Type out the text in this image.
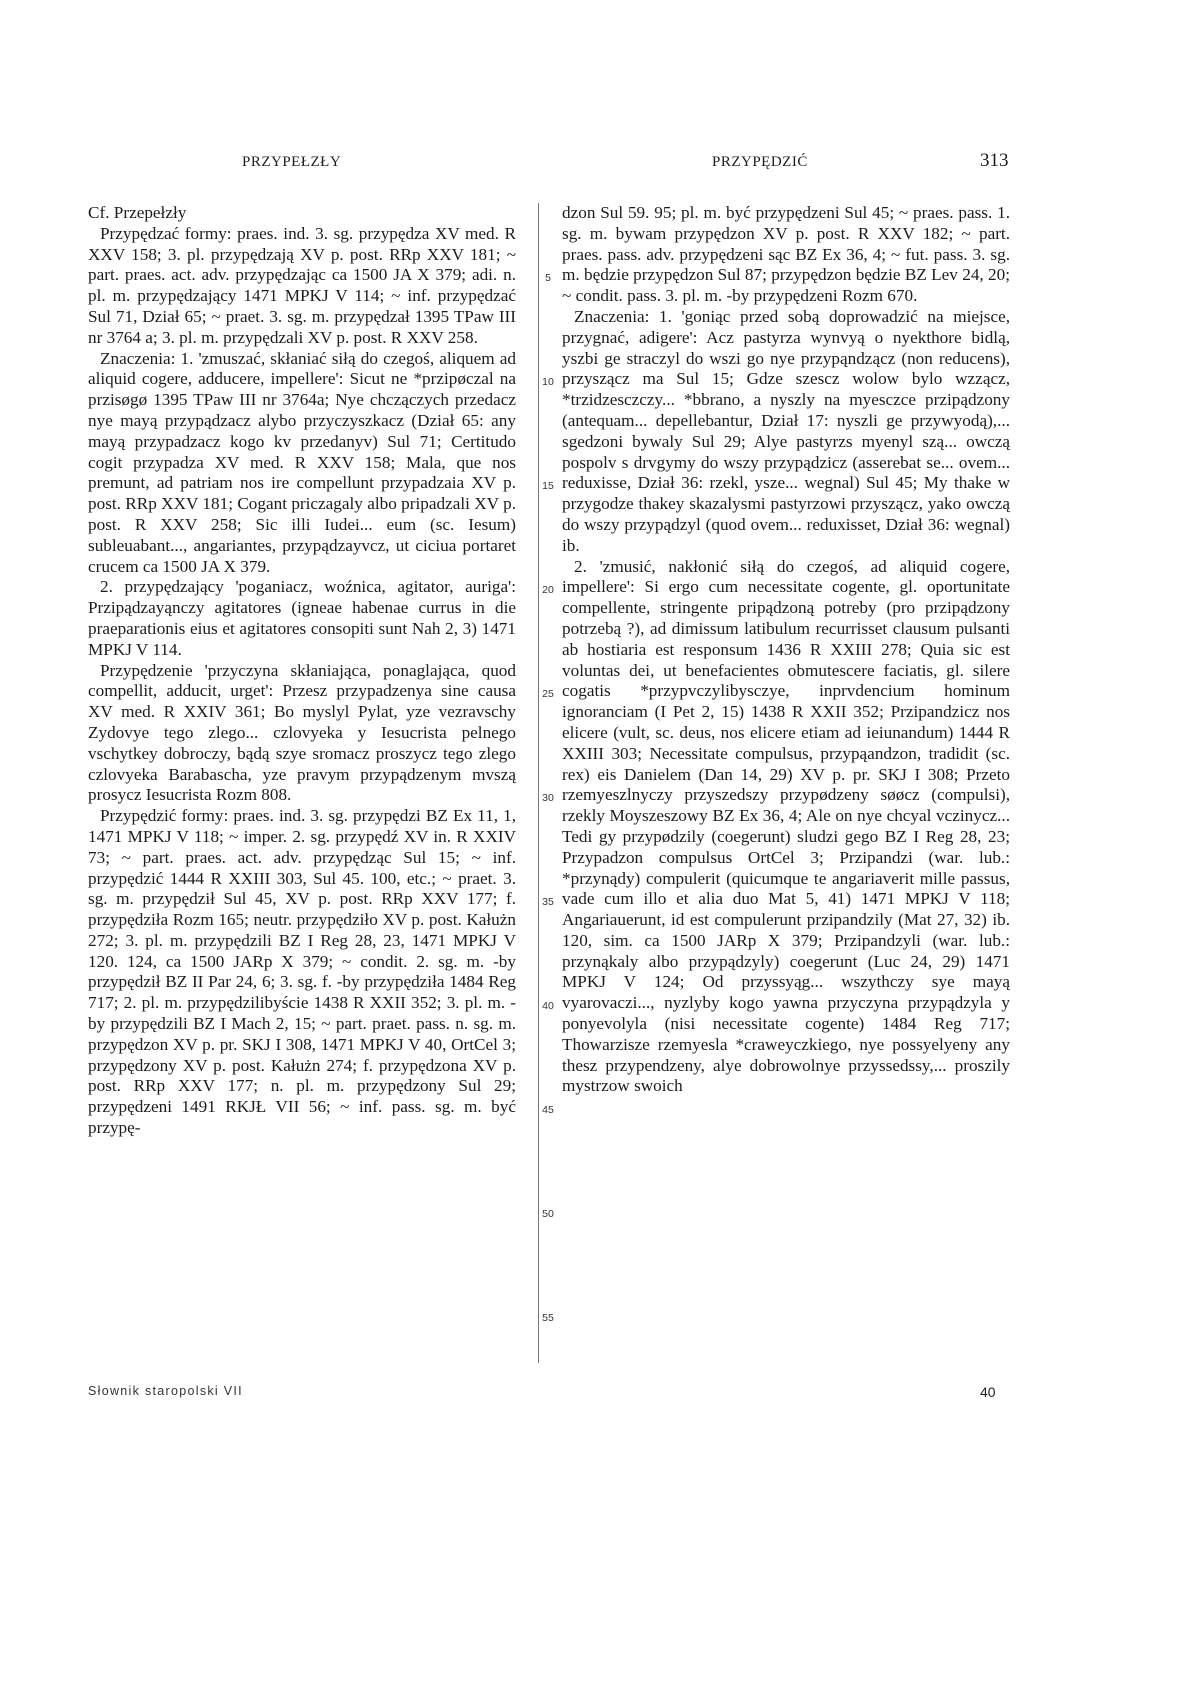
PRZYPEŁZŁY	PRZYPĘDZIĆ	313

Cf. Przepełzły

Przypędzać formy: praes. ind. 3. sg. przypędza XV med. R XXV 158; 3. pl. przypędzają XV p. post. RRp XXV 181; ~ part. praes. act. adv. przypędzając ca 1500 JA X 379; adi. n. pl. m. przypędzający 1471 MPKJ V 114; ~ inf. przypędzać Sul 71, Dział 65; ~ praet. 3. sg. m. przypędzał 1395 TPaw III nr 3764 a; 3. pl. m. przypędzali XV p. post. R XXV 258.

Znaczenia: 1. 'zmuszać, skłaniać siłą do czegoś, aliquem ad aliquid cogere, adducere, impellere': Sicut ne *przipøczal na przisøgø 1395 TPaw III nr 3764a; Nye chczączych przedacz nye mayą przypądzacz alybo przyczyszkacz (Dział 65: any mayą przypadzacz kogo kv przedanyv) Sul 71; Certitudo cogit przypadza XV med. R XXV 158; Mala, que nos premunt, ad patriam nos ire compellunt przypadzaia XV p. post. RRp XXV 181; Cogant priczagaly albo pripadzali XV p. post. R XXV 258; Sic illi Iudei... eum (sc. Iesum) subleuabant..., angariantes, przypądzayvcz, ut ciciua portaret crucem ca 1500 JA X 379.

2. przypędzający 'poganiacz, woźnica, agitator, auriga': Przipądzayąnczy agitatores (igneae habenae currus in die praeparationis eius et agitatores consopiti sunt Nah 2, 3) 1471 MPKJ V 114.

Przypędzenie 'przyczyna skłaniająca, ponaglająca, quod compellit, adducit, urget': Przesz przypadzenya sine causa XV med. R XXIV 361; Bo myslyl Pylat, yze vezravschy Zydovye tego zlego... czlovyeka y Iesucrista pelnego vschytkey dobroczy, bądą szye sromacz proszycz tego zlego czlovyeka Barabascha, yze pravym przypądzenym mvszą prosycz Iesucrista Rozm 808.

Przypędzić formy: praes. ind. 3. sg. przypędzi BZ Ex 11, 1, 1471 MPKJ V 118; ~ imper. 2. sg. przypędź XV in. R XXIV 73; ~ part. praes. act. adv. przypędząc Sul 15; ~ inf. przypędzić 1444 R XXIII 303, Sul 45. 100, etc.; ~ praet. 3. sg. m. przypędził Sul 45, XV p. post. RRp XXV 177; f. przypędziła Rozm 165; neutr. przypędziło XV p. post. Kałużn 272; 3. pl. m. przypędzili BZ I Reg 28, 23, 1471 MPKJ V 120. 124, ca 1500 JARp X 379; ~ condit. 2. sg. m. -by przypędził BZ II Par 24, 6; 3. sg. f. -by przypędziła 1484 Reg 717; 2. pl. m. przypędzilibyście 1438 R XXII 352; 3. pl. m. -by przypędzili BZ I Mach 2, 15; ~ part. praet. pass. n. sg. m. przypędzon XV p. pr. SKJ I 308, 1471 MPKJ V 40, OrtCel 3; przypędzony XV p. post. Kałużn 274; f. przypędzona XV p. post. RRp XXV 177; n. pl. m. przypędzony Sul 29; przypędzeni 1491 RKJŁ VII 56; ~ inf. pass. sg. m. być przypę-

5
10
15
20
25
30
35
40
45
50
55

dzon Sul 59. 95; pl. m. być przypędzeni Sul 45; ~ praes. pass. 1. sg. m. bywam przypędzon XV p. post. R XXV 182; ~ part. praes. pass. adv. przypędzeni sąc BZ Ex 36, 4; ~ fut. pass. 3. sg. m. będzie przypędzon Sul 87; przypędzon będzie BZ Lev 24, 20; ~ condit. pass. 3. pl. m. -by przypędzeni Rozm 670.

Znaczenia: 1. 'goniąc przed sobą doprowadzić na miejsce, przygnać, adigere': Acz pastyrza wynvyą o nyekthore bidlą, yszbi ge straczyl do wszi go nye przypąndzącz (non reducens), przyszącz ma Sul 15; Gdze szescz wolow bylo wzzącz, *trzidzesczczy... *bbrano, a nyszly na myesczce przipądzony (antequam... depellebantur, Dział 17: nyszli ge przywyodą),... sgedzoni bywaly Sul 29; Alye pastyrzs myenyl szą... owczą pospolv s drvgymy do wszy przypądzicz (asserebat se... ovem... reduxisse, Dział 36: rzekl, ysze... wegnal) Sul 45; My thake w przygodze thakey skazalysmi pastyrzowi przyszącz, yako owczą do wszy przypądzyl (quod ovem... reduxisset, Dział 36: wegnal) ib.

2. 'zmusić, nakłonić siłą do czegoś, ad aliquid cogere, impellere': Si ergo cum necessitate cogente, gl. oportunitate compellente, stringente pripądzoną potreby (pro przipądzony potrzebą ?), ad dimissum latibulum recurrisset clausum pulsanti ab hostiaria est responsum 1436 R XXIII 278; Quia sic est voluntas dei, ut benefacientes obmutescere faciatis, gl. silere cogatis *przypvczylibysczye, inprvdencium hominum ignoranciam (I Pet 2, 15) 1438 R XXII 352; Przipandzicz nos elicere (vult, sc. deus, nos elicere etiam ad ieiunandum) 1444 R XXIII 303; Necessitate compulsus, przypąandzon, tradidit (sc. rex) eis Danielem (Dan 14, 29) XV p. pr. SKJ I 308; Przeto rzemyeszlnyczy przyszedszy przypødzeny søøcz (compulsi), rzekly Moyszeszowy BZ Ex 36, 4; Ale on nye chcyal vczinycz... Tedi gy przypødzily (coegerunt) sludzi gego BZ I Reg 28, 23; Przypadzon compulsus OrtCel 3; Przipandzi (war. lub.: *przynądy) compulerit (quicumque te angariaverit mille passus, vade cum illo et alia duo Mat 5, 41) 1471 MPKJ V 118; Angariauerunt, id est compulerunt przipandzily (Mat 27, 32) ib. 120, sim. ca 1500 JARp X 379; Przipandzyli (war. lub.: przynąkaly albo przypądzyly) coegerunt (Luc 24, 29) 1471 MPKJ V 124; Od przyssyąg... wszythczy sye mayą vyarovaczi..., nyzlyby kogo yawna przyczyna przypądzyla y ponyevolyla (nisi necessitate cogente) 1484 Reg 717; Thowarzisze rzemyesla *craweyczkiego, nye possyelyeny any thesz przypendzeny, alye dobrowolnye przyssedssy,... proszily mystrzow swoich

Słownik staropolski VII	40
